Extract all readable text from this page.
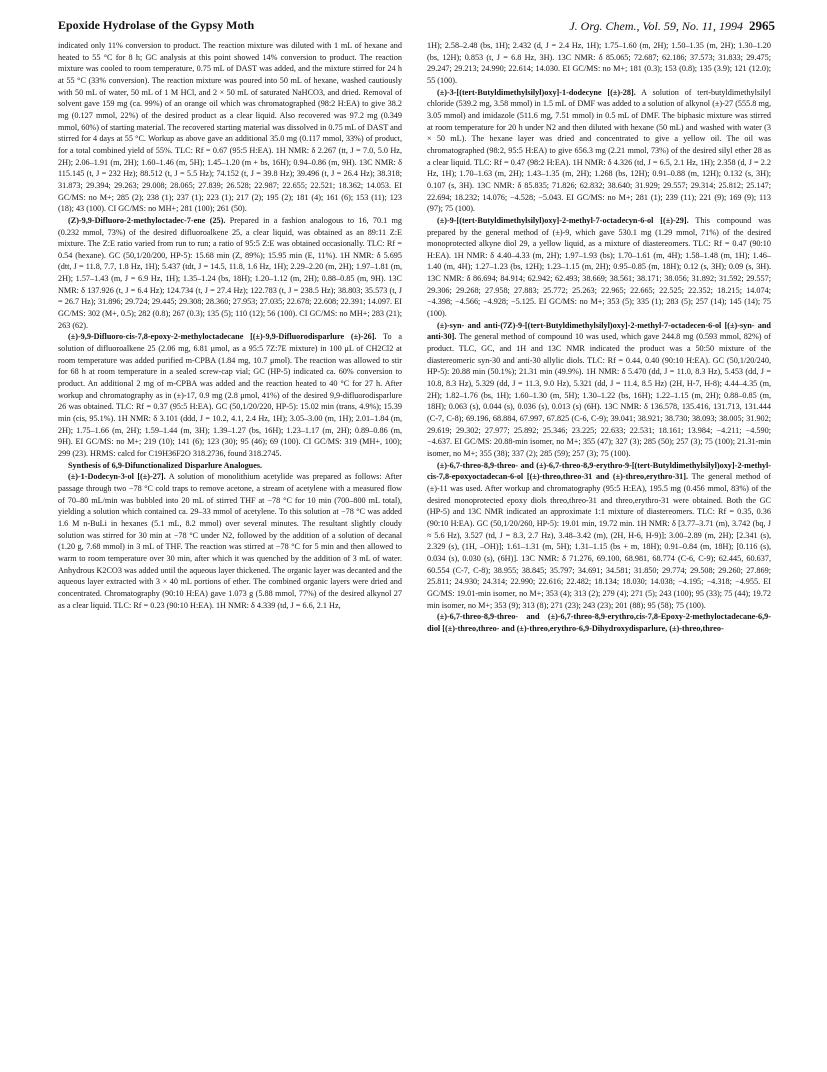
Epoxide Hydrolase of the Gypsy Moth	J. Org. Chem., Vol. 59, No. 11, 1994 2965

indicated only 11% conversion to product. The reaction mixture was diluted with 1 mL of hexane and heated to 55 °C for 8 h; GC analysis at this point showed 14% conversion to product. The reaction mixture was cooled to room temperature, 0.75 mL of DAST was added, and the mixture stirred for 24 h at 55 °C (33% conversion). The reaction mixture was poured into 50 mL of hexane, washed cautiously with 50 mL of water, 50 mL of 1 M HCl, and 2 × 50 mL of saturated NaHCO3, and dried. Removal of solvent gave 159 mg (ca. 99%) of an orange oil which was chromatographed (98:2 H:EA) to give 38.2 mg (0.127 mmol, 22%) of the desired product as a clear liquid. Also recovered was 97.2 mg (0.349 mmol, 60%) of starting material. The recovered starting material was dissolved in 0.75 mL of DAST and stirred for 4 days at 55 °C. Workup as above gave an additional 35.0 mg (0.117 mmol, 33%) of product, for a total combined yield of 55%. TLC: Rf = 0.67 (95:5 H:EA). 1H NMR: δ 2.267 (tt, J = 7.0, 5.0 Hz, 2H); 2.06–1.91 (m, 2H); 1.60–1.46 (m, 5H); 1.45–1.20 (m + bs, 16H); 0.94–0.86 (m, 9H). 13C NMR: δ 115.145 (t, J = 232 Hz); 88.512 (t, J = 5.5 Hz); 74.152 (t, J = 39.8 Hz); 39.496 (t, J = 26.4 Hz); 38.318; 31.873; 29.394; 29.263; 29.008; 28.065; 27.839; 26.528; 22.987; 22.655; 22.521; 18.362; 14.053. EI GC/MS: no M+; 285 (2); 238 (1); 237 (1); 223 (1); 217 (2); 195 (2); 181 (4); 161 (6); 153 (11); 123 (18); 43 (100). CI GC/MS: no MH+; 281 (100); 261 (50).

(Z)-9,9-Difluoro-2-methyloctadec-7-ene (25). Prepared in a fashion analogous to 16, 70.1 mg (0.232 mmol, 73%) of the desired difluoroalkene 25, a clear liquid, was obtained as an 89:11 Z:E mixture. The Z:E ratio varied from run to run; a ratio of 95:5 Z:E was obtained occasionally. TLC: Rf = 0.54 (hexane). GC (50,1/20/200, HP-5): 15.68 min (Z, 89%); 15.95 min (E, 11%). 1H NMR: δ 5.695 (dtt, J = 11.8, 7.7, 1.8 Hz, 1H); 5.437 (tdt, J = 14.5, 11.8, 1.6 Hz, 1H); 2.29–2.20 (m, 2H); 1.97–1.81 (m, 2H); 1.57–1.43 (m, J = 6.9 Hz, 1H); 1.35–1.24 (bs, 18H); 1.20–1.12 (m, 2H); 0.88–0.85 (m, 9H). 13C NMR: δ 137.926 (t, J = 6.4 Hz); 124.734 (t, J = 27.4 Hz); 122.783 (t, J = 238.5 Hz); 38.803; 35.573 (t, J = 26.7 Hz); 31.896; 29.724; 29.445; 29.308; 28.360; 27.953; 27.035; 22.678; 22.608; 22.391; 14.097. EI GC/MS: 302 (M+, 0.5); 282 (0.8); 267 (0.3); 135 (5); 110 (12); 56 (100). CI GC/MS: no MH+; 283 (21); 263 (62).

(±)-9,9-Difluoro-cis-7,8-epoxy-2-methyloctadecane [(±)-9,9-Difluorodisparlure (±)-26]. To a solution of difluoroalkene 25 (2.06 mg, 6.81 μmol, as a 95:5 7Z:7E mixture) in 100 μL of CH2Cl2 at room temperature was added purified m-CPBA (1.84 mg, 10.7 μmol). The reaction was allowed to stir for 68 h at room temperature in a sealed screw-cap vial; GC (HP-5) indicated ca. 60% conversion to product. An additional 2 mg of m-CPBA was added and the reaction heated to 40 °C for 27 h. After workup and chromatography as in (±)-17, 0.9 mg (2.8 μmol, 41%) of the desired 9,9-difluorodisparlure 26 was obtained. TLC: Rf = 0.37 (95:5 H:EA). GC (50,1/20/220, HP-5): 15.02 min (trans, 4.9%); 15.39 min (cis, 95.1%). 1H NMR: δ 3.101 (ddd, J = 10.2, 4.1, 2.4 Hz, 1H); 3.05–3.00 (m, 1H); 2.01–1.84 (m, 2H); 1.75–1.66 (m, 2H); 1.59–1.44 (m, 3H); 1.39–1.27 (bs, 16H); 1.23–1.17 (m, 2H); 0.89–0.86 (m, 9H). EI GC/MS: no M+; 219 (10); 141 (6); 123 (30); 95 (46); 69 (100). CI GC/MS: 319 (MH+, 100); 299 (23). HRMS: calcd for C19H36F2O 318.2736, found 318.2745.

Synthesis of 6,9-Difunctionalized Disparlure Analogues.

(±)-1-Dodecyn-3-ol [(±)-27]. A solution of monolithium acetylide was prepared as follows: After passage through two −78 °C cold traps to remove acetone, a stream of acetylene with a measured flow of 70–80 mL/min was bubbled into 20 mL of stirred THF at −78 °C for 10 min (700–800 mL total), yielding a solution which contained ca. 29–33 mmol of acetylene. To this solution at −78 °C was added 1.6 M n-BuLi in hexanes (5.1 mL, 8.2 mmol) over several minutes. The resultant slightly cloudy solution was stirred for 30 min at −78 °C under N2, followed by the addition of a solution of decanal (1.20 g, 7.68 mmol) in 3 mL of THF. The reaction was stirred at −78 °C for 5 min and then allowed to warm to room temperature over 30 min, after which it was quenched by the addition of 3 mL of water. Anhydrous K2CO3 was added until the aqueous layer thickened. The organic layer was decanted and the aqueous layer extracted with 3 × 40 mL portions of ether. The combined organic layers were dried and concentrated. Chromatography (90:10 H:EA) gave 1.073 g (5.88 mmol, 77%) of the desired alkynol 27 as a clear liquid. TLC: Rf = 0.23 (90:10 H:EA). 1H NMR: δ 4.339 (td, J = 6.6, 2.1 Hz,

1H); 2.58–2.48 (bs, 1H); 2.432 (d, J = 2.4 Hz, 1H); 1.75–1.60 (m, 2H); 1.50–1.35 (m, 2H); 1.30–1.20 (bs, 12H); 0.853 (t, J = 6.8 Hz, 3H). 13C NMR: δ 85.065; 72.687; 62.186; 37.573; 31.833; 29.475; 29.247; 29.213; 24.990; 22.614; 14.030. EI GC/MS: no M+; 181 (0.3); 153 (0.8); 135 (3.9); 121 (12.0); 55 (100).

(±)-3-[(tert-Butyldimethylsilyl)oxy]-1-dodecyne [(±)-28]. A solution of tert-butyldimethylsilyl chloride (539.2 mg, 3.58 mmol) in 1.5 mL of DMF was added to a solution of alkynol (±)-27 (555.8 mg, 3.05 mmol) and imidazole (511.6 mg, 7.51 mmol) in 0.5 mL of DMF. The biphasic mixture was stirred at room temperature for 20 h under N2 and then diluted with hexane (50 mL) and washed with water (3 × 50 mL). The hexane layer was dried and concentrated to give a yellow oil. The oil was chromatographed (98:2, 95:5 H:EA) to give 656.3 mg (2.21 mmol, 73%) of the desired silyl ether 28 as a clear liquid. TLC: Rf = 0.47 (98:2 H:EA). 1H NMR: δ 4.326 (td, J = 6.5, 2.1 Hz, 1H); 2.358 (d, J = 2.2 Hz, 1H); 1.70–1.63 (m, 2H); 1.43–1.35 (m, 2H); 1.268 (bs, 12H); 0.91–0.88 (m, 12H); 0.132 (s, 3H); 0.107 (s, 3H). 13C NMR: δ 85.835; 71.826; 62.832; 38.640; 31.929; 29.557; 29.314; 25.812; 25.147; 22.694; 18.232; 14.076; −4.528; −5.043. EI GC/MS: no M+; 281 (1); 239 (11); 221 (9); 169 (9); 113 (97); 75 (100).

(±)-9-[(tert-Butyldimethylsilyl)oxy]-2-methyl-7-octadecyn-6-ol [(±)-29]. This compound was prepared by the general method of (±)-9, which gave 530.1 mg (1.29 mmol, 71%) of the desired monoprotected alkyne diol 29, a yellow liquid, as a mixture of diastereomers. TLC: Rf = 0.47 (90:10 H:EA). 1H NMR: δ 4.40–4.33 (m, 2H); 1.97–1.93 (bs); 1.70–1.61 (m, 4H); 1.58–1.48 (m, 1H); 1.46–1.40 (m, 4H); 1.27–1.23 (bs, 12H); 1.23–1.15 (m, 2H); 0.95–0.85 (m, 18H); 0.12 (s, 3H); 0.09 (s, 3H). 13C NMR: δ 86.694; 84.914; 62.942; 62.493; 38.669; 38.561; 38.171; 38.056; 31.892; 31.592; 29.557; 29.306; 29.268; 27.958; 27.883; 25.772; 25.263; 22.965; 22.665; 22.525; 22.352; 18.215; 14.074; −4.398; −4.566; −4.928; −5.125. EI GC/MS: no M+; 353 (5); 335 (1); 283 (5); 257 (14); 145 (14); 75 (100).

(±)-syn- and anti-(7Z)-9-[(tert-Butyldimethylsilyl)oxy]-2-methyl-7-octadecen-6-ol [(±)-syn- and anti-30]. The general method of compound 10 was used, which gave 244.8 mg (0.593 mmol, 82%) of product. TLC, GC, and 1H and 13C NMR indicated the product was a 50:50 mixture of the diastereomeric syn-30 and anti-30 allylic diols. TLC: Rf = 0.44, 0.40 (90:10 H:EA). GC (50,1/20/240, HP-5): 20.88 min (50.1%); 21.31 min (49.9%). 1H NMR: δ 5.470 (dd, J = 11.0, 8.3 Hz), 5.453 (dd, J = 10.8, 8.3 Hz), 5.329 (dd, J = 11.3, 9.0 Hz), 5.321 (dd, J = 11.4, 8.5 Hz) (2H, H-7, H-8); 4.44–4.35 (m, 2H); 1.82–1.76 (bs, 1H); 1.60–1.30 (m, 5H); 1.30–1.22 (bs, 16H); 1.22–1.15 (m, 2H); 0.88–0.85 (m, 18H); 0.063 (s), 0.044 (s), 0.036 (s), 0.013 (s) (6H). 13C NMR: δ 136.578, 135.416, 131.713, 131.444 (C-7, C-8); 69.196, 68.884, 67.997, 67.825 (C-6, C-9); 39.041; 38.921; 38.730; 38.093; 38.005; 31.902; 29.619; 29.302; 27.977; 25.892; 25.346; 23.225; 22.633; 22.531; 18.161; 13.984; −4.211; −4.590; −4.637. EI GC/MS: 20.88-min isomer, no M+; 355 (47); 327 (3); 285 (50); 257 (3); 75 (100); 21.31-min isomer, no M+; 355 (38); 337 (2); 285 (59); 257 (3); 75 (100).

(±)-6,7-threo-8,9-threo- and (±)-6,7-threo-8,9-erythro-9-[(tert-Butyldimethylsilyl)oxy]-2-methyl-cis-7,8-epoxyoctadecan-6-ol [(±)-threo,threo-31 and (±)-threo,erythro-31]. The general method of (±)-11 was used. After workup and chromatography (95:5 H:EA), 195.5 mg (0.456 mmol, 83%) of the desired monoprotected epoxy diols threo,threo-31 and threo,erythro-31 were obtained. Both the GC (HP-5) and 13C NMR indicated an approximate 1:1 mixture of diastereomers. TLC: Rf = 0.35, 0.36 (90:10 H:EA). GC (50,1/20/260, HP-5): 19.01 min, 19.72 min. 1H NMR: δ [3.77–3.71 (m), 3.742 (bq, J ≈ 5.6 Hz), 3.527 (td, J = 8.3, 2.7 Hz), 3.48–3.42 (m), (2H, H-6, H-9)]; 3.00–2.89 (m, 2H); [2.341 (s), 2.329 (s), (1H, –OH)]; 1.61–1.31 (m, 5H); 1.31–1.15 (bs + m, 18H); 0.91–0.84 (m, 18H); [0.116 (s), 0.034 (s), 0.030 (s), (6H)]. 13C NMR: δ 71.276, 69.100, 68.981, 68.774 (C-6, C-9); 62.445, 60.637, 60.554 (C-7, C-8); 38.955; 38.845; 35.797; 34.691; 34.581; 31.850; 29.774; 29.508; 29.260; 27.869; 25.811; 24.930; 24.314; 22.990; 22.616; 22.482; 18.134; 18.030; 14.038; −4.195; −4.318; −4.955. EI GC/MS: 19.01-min isomer, no M+; 353 (4); 313 (2); 279 (4); 271 (5); 243 (100); 95 (33); 75 (44); 19.72 min isomer, no M+; 353 (9); 313 (8); 271 (23); 243 (23); 201 (88); 95 (58); 75 (100).

(±)-6,7-threo-8,9-threo- and (±)-6,7-threo-8,9-erythro,cis-7,8-Epoxy-2-methyloctadecane-6,9-diol [(±)-threo,threo- and (±)-threo,erythro-6,9-Dihydroxydisparlure, (±)-threo,threo-
